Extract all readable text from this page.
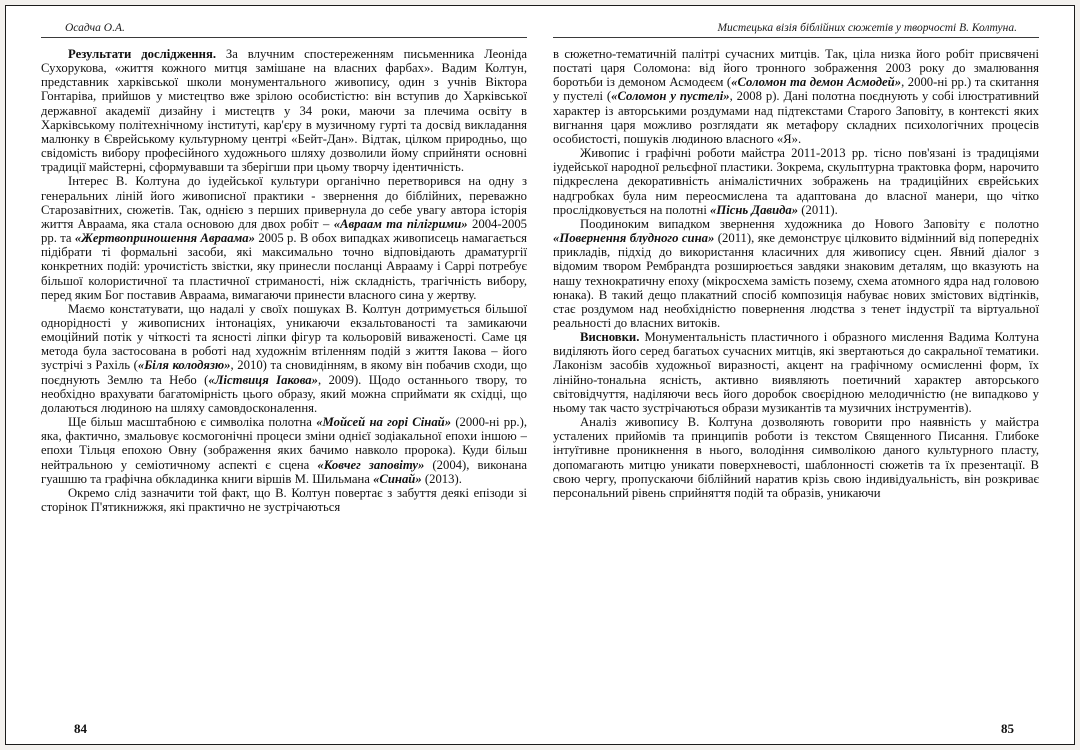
Осадча О.А.

Результати дослідження. За влучним спостереженням письменника Леоніда Сухорукова, «життя кожного митця замішане на власних фарбах». Вадим Колтун, представник харківської школи монументального живопису, один з учнів Віктора Гонтаріва, прийшов у мистецтво вже зрілою особистістю: він вступив до Харківської державної академії дизайну і мистецтв у 34 роки, маючи за плечима освіту в Харківському політехнічному інституті, кар'єру в музичному гурті та досвід викладання малюнку в Єврейському культурному центрі «Бейт-Дан». Відтак, цілком природньо, що свідомість вибору професійного художнього шляху дозволили йому сприйняти основні традиції майстерні, сформувавши та зберігши при цьому творчу ідентичність.

Інтерес В. Колтуна до іудейської культури органічно перетворився на одну з генеральних ліній його живописної практики - звернення до біблійних, переважно Старозавітних, сюжетів. Так, однією з перших привернула до себе увагу автора історія життя Авраама, яка стала основою для двох робіт – «Авраам та пілігрими» 2004-2005 рр. та «Жертвоприношення Авраама» 2005 р. В обох випадках живописець намагається підібрати ті формальні засоби, які максимально точно відповідають драматургії конкретних подій: урочистість звістки, яку принесли посланці Аврааму і Саррі потребує більшої колористичної та пластичної стриманості, ніж складність, трагічність вибору, перед яким Бог поставив Авраама, вимагаючи принести власного сина у жертву.

Маємо констатувати, що надалі у своїх пошуках В. Колтун дотримується більшої однорідності у живописних інтонаціях, уникаючи екзальтованості та замикаючи емоційний потік у чіткості та ясності ліпки фігур та кольоровій виваженості. Саме ця метода була застосована в роботі над художнім втіленням подій з життя Іакова – його зустрічі з Рахіль («Біля колодязю», 2010) та сновидінням, в якому він побачив сходи, що поєднують Землю та Небо («Ліствиця Іакова», 2009). Щодо останнього твору, то необхідно врахувати багатомірність цього образу, який можна сприймати як східці, що долаються людиною на шляху самовдосконалення.

Ще більш масштабною є символіка полотна «Мойсей на горі Сінай» (2000-ні рр.), яка, фактично, змальовує космогонічні процеси зміни однієї зодіакальної епохи іншою – епохи Тільця епохою Овну (зображення яких бачимо навколо пророка). Куди більш нейтральною у семіотичному аспекті є сцена «Ковчег заповіту» (2004), виконана гуашшю та графічна обкладинка книги віршів М. Шильмана «Синай» (2013).

Окремо слід зазначити той факт, що В. Колтун повертає з забуття деякі епізоди зі сторінок П'ятикнижжя, які практично не зустрічаються

84
Мистецька візія біблійних сюжетів у творчості В. Колтуна.

в сюжетно-тематичній палітрі сучасних митців. Так, ціла низка його робіт присвячені постаті царя Соломона: від його тронного зображення 2003 року до змалювання боротьби із демоном Асмодеєм («Соломон та демон Асмодей», 2000-ні рр.) та скитання у пустелі («Соломон у пустелі», 2008 р). Дані полотна поєднують у собі ілюстративний характер із авторськими роздумами над підтекстами Старого Заповіту, в контексті яких вигнання царя можливо розглядати як метафору складних психологічних процесів особистості, пошуків людиною власного «Я».

Живопис і графічні роботи майстра 2011-2013 рр. тісно пов'язані із традиціями іудейської народної рельєфної пластики. Зокрема, скульптурна трактовка форм, нарочито підкреслена декоративність анімалістичних зображень на традиційних єврейських надгробках була ним переосмислена та адаптована до власної манери, що чітко прослідковується на полотні «Піснь Давида» (2011).

Поодиноким випадком звернення художника до Нового Заповіту є полотно «Повернення блудного сина» (2011), яке демонструє цілковито відмінний від попередніх прикладів, підхід до використання класичних для живопису сцен. Явний діалог з відомим твором Рембрандта розширюється завдяки знаковим деталям, що вказують на нашу технократичну епоху (мікросхема замість позему, схема атомного ядра над головою юнака). В такий дещо плакатний спосіб композиція набуває нових змістових відтінків, стає роздумом над необхідністю повернення людства з тенет індустрії та віртуальної реальності до власних витоків.

Висновки. Монументальність пластичного і образного мислення Вадима Колтуна виділяють його серед багатьох сучасних митців, які звертаються до сакральної тематики. Лаконізм засобів художньої виразності, акцент на графічному осмисленні форм, їх лінійно-тональна ясність, активно виявляють поетичний характер авторського світовідчуття, наділяючи весь його доробок своєрідною мелодичністю (не випадково у ньому так часто зустрічаються образи музикантів та музичних інструментів).

Аналіз живопису В. Колтуна дозволяють говорити про наявність у майстра усталених прийомів та принципів роботи із текстом Священного Писання. Глибоке інтуїтивне проникнення в нього, володіння символікою даного культурного пласту, допомагають митцю уникати поверхневості, шаблонності сюжетів та їх презентації. В свою чергу, пропускаючи біблійний наратив крізь свою індивідуальність, він розкриває персональний рівень сприйняття подій та образів, уникаючи

85
